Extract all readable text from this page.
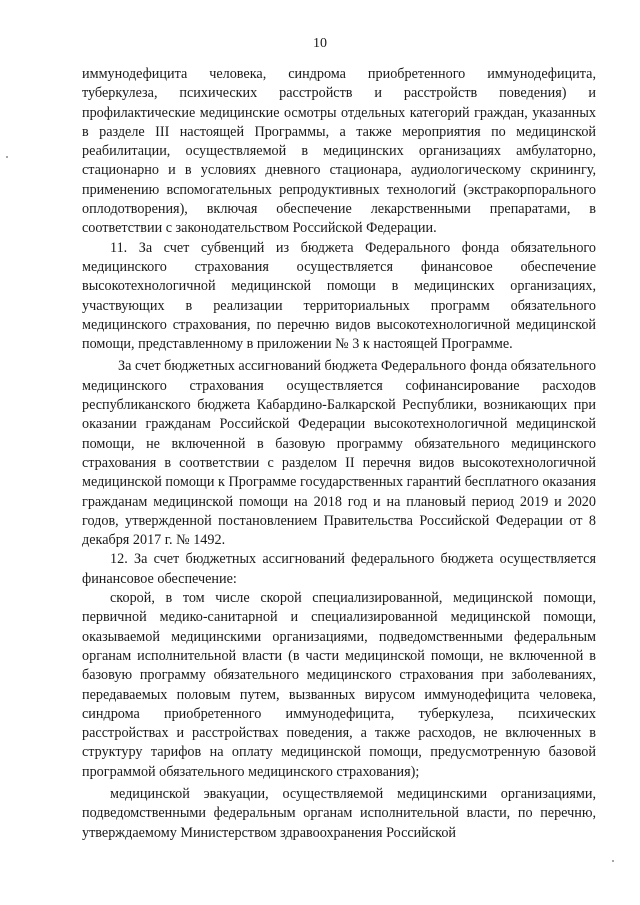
10

иммунодефицита человека, синдрома приобретенного иммунодефицита, туберкулеза, психических расстройств и расстройств поведения) и профилактические медицинские осмотры отдельных категорий граждан, указанных в разделе III настоящей Программы, а также мероприятия по медицинской реабилитации, осуществляемой в медицинских организациях амбулаторно, стационарно и в условиях дневного стационара, аудиологическому скринингу, применению вспомогательных репродуктивных технологий (экстракорпорального оплодотворения), включая обеспечение лекарственными препаратами, в соответствии с законодательством Российской Федерации.

11. За счет субвенций из бюджета Федерального фонда обязательного медицинского страхования осуществляется финансовое обеспечение высокотехнологичной медицинской помощи в медицинских организациях, участвующих в реализации территориальных программ обязательного медицинского страхования, по перечню видов высокотехнологичной медицинской помощи, представленному в приложении № 3 к настоящей Программе.

За счет бюджетных ассигнований бюджета Федерального фонда обязательного медицинского страхования осуществляется софинансирование расходов республиканского бюджета Кабардино-Балкарской Республики, возникающих при оказании гражданам Российской Федерации высокотехнологичной медицинской помощи, не включенной в базовую программу обязательного медицинского страхования в соответствии с разделом II перечня видов высокотехнологичной медицинской помощи к Программе государственных гарантий бесплатного оказания гражданам медицинской помощи на 2018 год и на плановый период 2019 и 2020 годов, утвержденной постановлением Правительства Российской Федерации от 8 декабря 2017 г. № 1492.

12. За счет бюджетных ассигнований федерального бюджета осуществляется финансовое обеспечение:

скорой, в том числе скорой специализированной, медицинской помощи, первичной медико-санитарной и специализированной медицинской помощи, оказываемой медицинскими организациями, подведомственными федеральным органам исполнительной власти (в части медицинской помощи, не включенной в базовую программу обязательного медицинского страхования при заболеваниях, передаваемых половым путем, вызванных вирусом иммунодефицита человека, синдрома приобретенного иммунодефицита, туберкулеза, психических расстройствах и расстройствах поведения, а также расходов, не включенных в структуру тарифов на оплату медицинской помощи, предусмотренную базовой программой обязательного медицинского страхования);

медицинской эвакуации, осуществляемой медицинскими организациями, подведомственными федеральным органам исполнительной власти, по перечню, утверждаемому Министерством здравоохранения Российской
